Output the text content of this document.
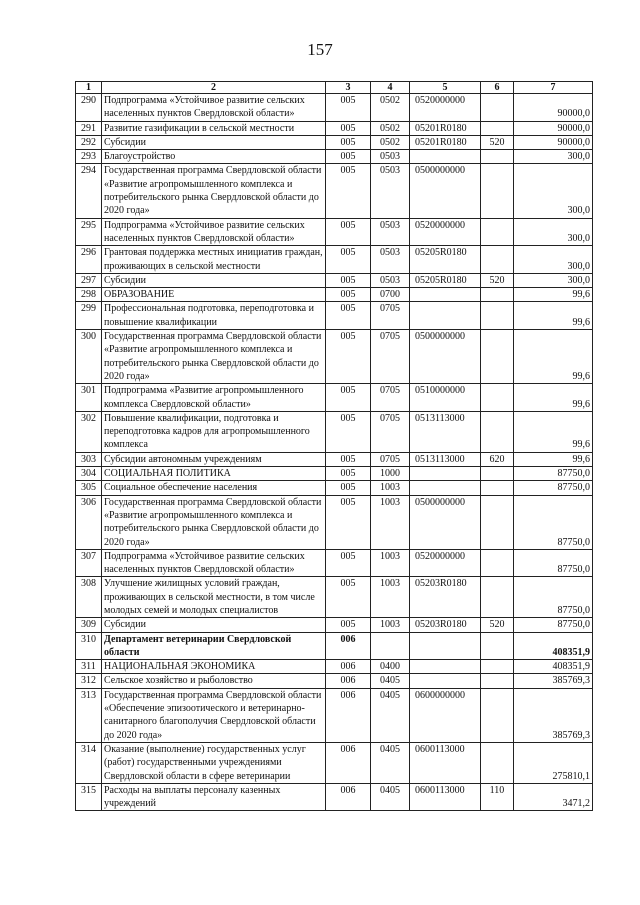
157
1	2	3	4	5	6	7
290	Подпрограмма «Устойчивое развитие сельских населенных пунктов Свердловской области»	005	0502	0520000000		90000,0
291	Развитие газификации в сельской местности	005	0502	05201R0180		90000,0
292	Субсидии	005	0502	05201R0180	520	90000,0
293	Благоустройство	005	0503			300,0
294	Государственная программа Свердловской области «Развитие агропромышленного комплекса и потребительского рынка Свердловской области до 2020 года»	005	0503	0500000000		300,0
295	Подпрограмма «Устойчивое развитие сельских населенных пунктов Свердловской области»	005	0503	0520000000		300,0
296	Грантовая поддержка местных инициатив граждан, проживающих в сельской местности	005	0503	05205R0180		300,0
297	Субсидии	005	0503	05205R0180	520	300,0
298	ОБРАЗОВАНИЕ	005	0700			99,6
299	Профессиональная подготовка, переподготовка и повышение квалификации	005	0705			99,6
300	Государственная программа Свердловской области «Развитие агропромышленного комплекса и потребительского рынка Свердловской области до 2020 года»	005	0705	0500000000		99,6
301	Подпрограмма «Развитие агропромышленного комплекса Свердловской области»	005	0705	0510000000		99,6
302	Повышение квалификации, подготовка и переподготовка кадров для агропромышленного комплекса	005	0705	0513113000		99,6
303	Субсидии автономным учреждениям	005	0705	0513113000	620	99,6
304	СОЦИАЛЬНАЯ ПОЛИТИКА	005	1000			87750,0
305	Социальное обеспечение населения	005	1003			87750,0
306	Государственная программа Свердловской области «Развитие агропромышленного комплекса и потребительского рынка Свердловской области до 2020 года»	005	1003	0500000000		87750,0
307	Подпрограмма «Устойчивое развитие сельских населенных пунктов Свердловской области»	005	1003	0520000000		87750,0
308	Улучшение жилищных условий граждан, проживающих в сельской местности, в том числе молодых семей и молодых специалистов	005	1003	05203R0180		87750,0
309	Субсидии	005	1003	05203R0180	520	87750,0
310	Департамент ветеринарии Свердловской области	006				408351,9
311	НАЦИОНАЛЬНАЯ ЭКОНОМИКА	006	0400			408351,9
312	Сельское хозяйство и рыболовство	006	0405			385769,3
313	Государственная программа Свердловской области «Обеспечение эпизоотического и ветеринарно-санитарного благополучия Свердловской области до 2020 года»	006	0405	0600000000		385769,3
314	Оказание (выполнение) государственных услуг (работ) государственными учреждениями Свердловской области в сфере ветеринарии	006	0405	0600113000		275810,1
315	Расходы на выплаты персоналу казенных учреждений	006	0405	0600113000	110	3471,2
